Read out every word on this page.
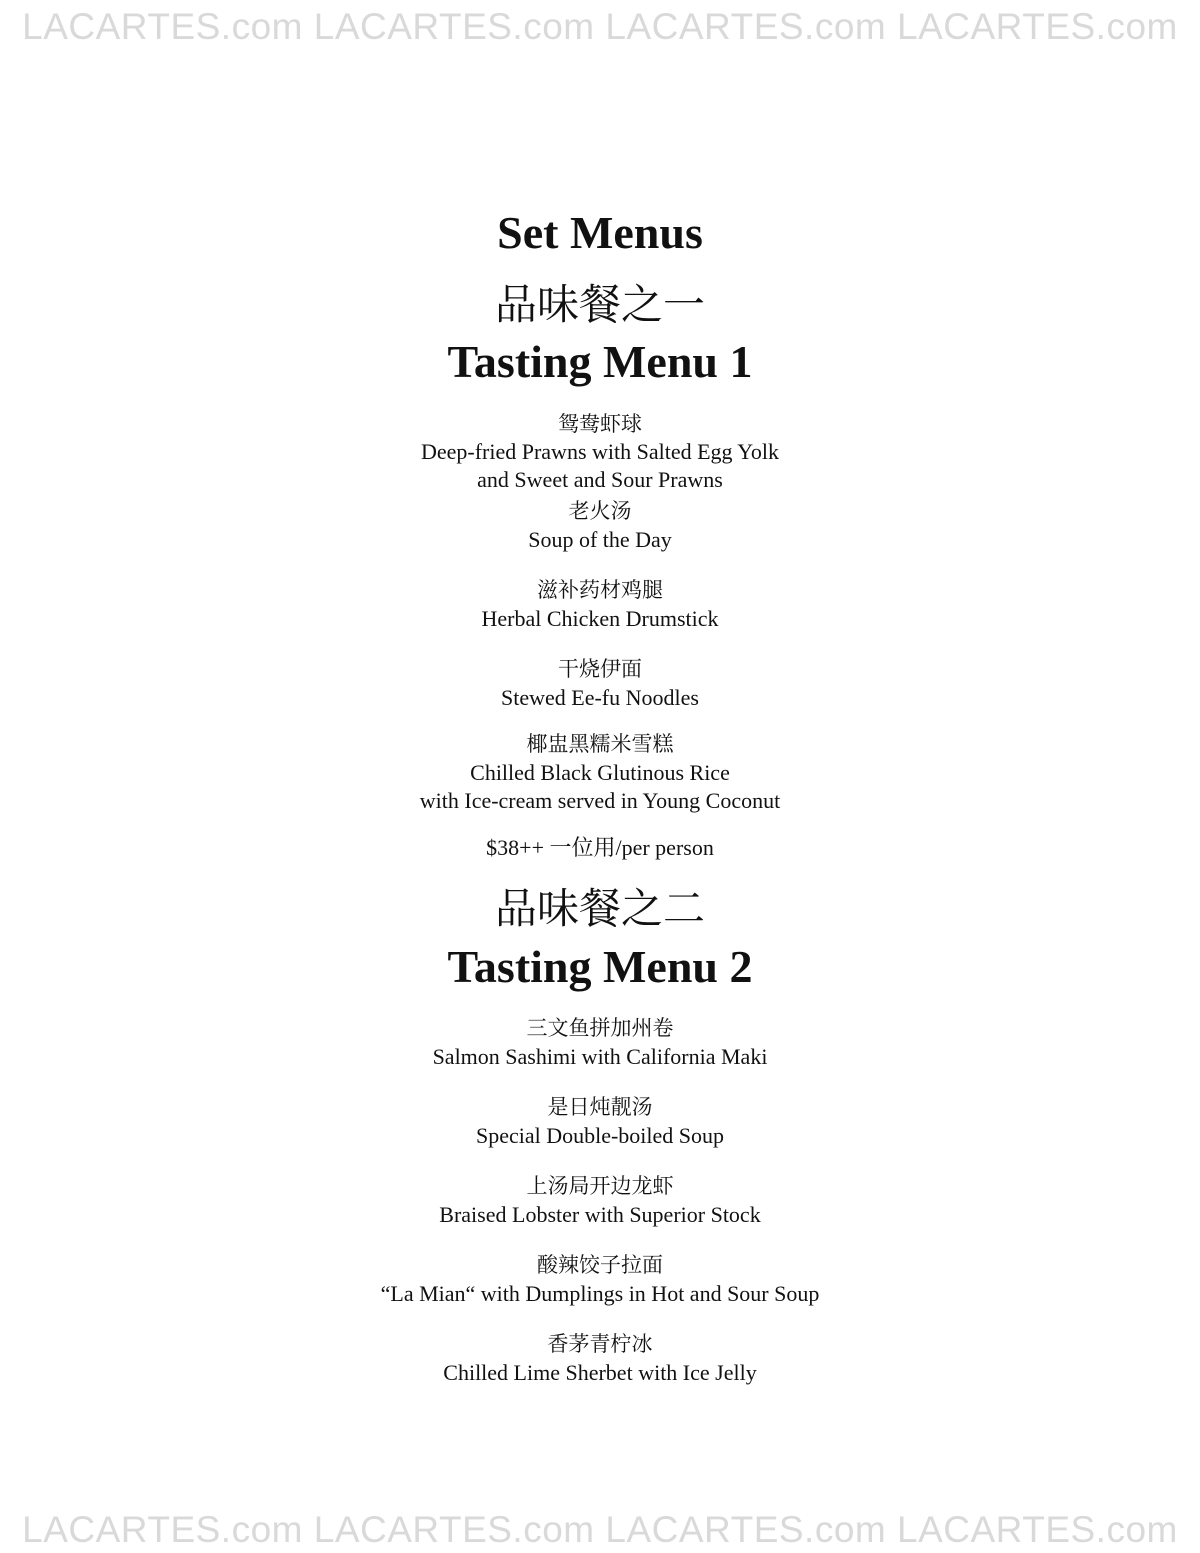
LACARTES.com LACARTES.com LACARTES.com LACARTES.com
Set Menus
品味餐之一
Tasting Menu 1
鸳鸯虾球
Deep-fried Prawns with Salted Egg Yolk
and Sweet and Sour Prawns
老火汤
Soup of the Day
滋补药材鸡腿
Herbal Chicken Drumstick
干烧伊面
Stewed Ee-fu Noodles
椰盅黑糯米雪糕
Chilled Black Glutinous Rice
with Ice-cream served in Young Coconut
$38++ 一位用/per person
品味餐之二
Tasting Menu 2
三文鱼拼加州卷
Salmon Sashimi with California Maki
是日炖靓汤
Special Double-boiled Soup
上汤局开边龙虾
Braised Lobster with Superior Stock
酸辣饺子拉面
“La Mian“ with Dumplings in Hot and Sour Soup
香茅青柠冰
Chilled Lime Sherbet with Ice Jelly
LACARTES.com LACARTES.com LACARTES.com LACARTES.com
